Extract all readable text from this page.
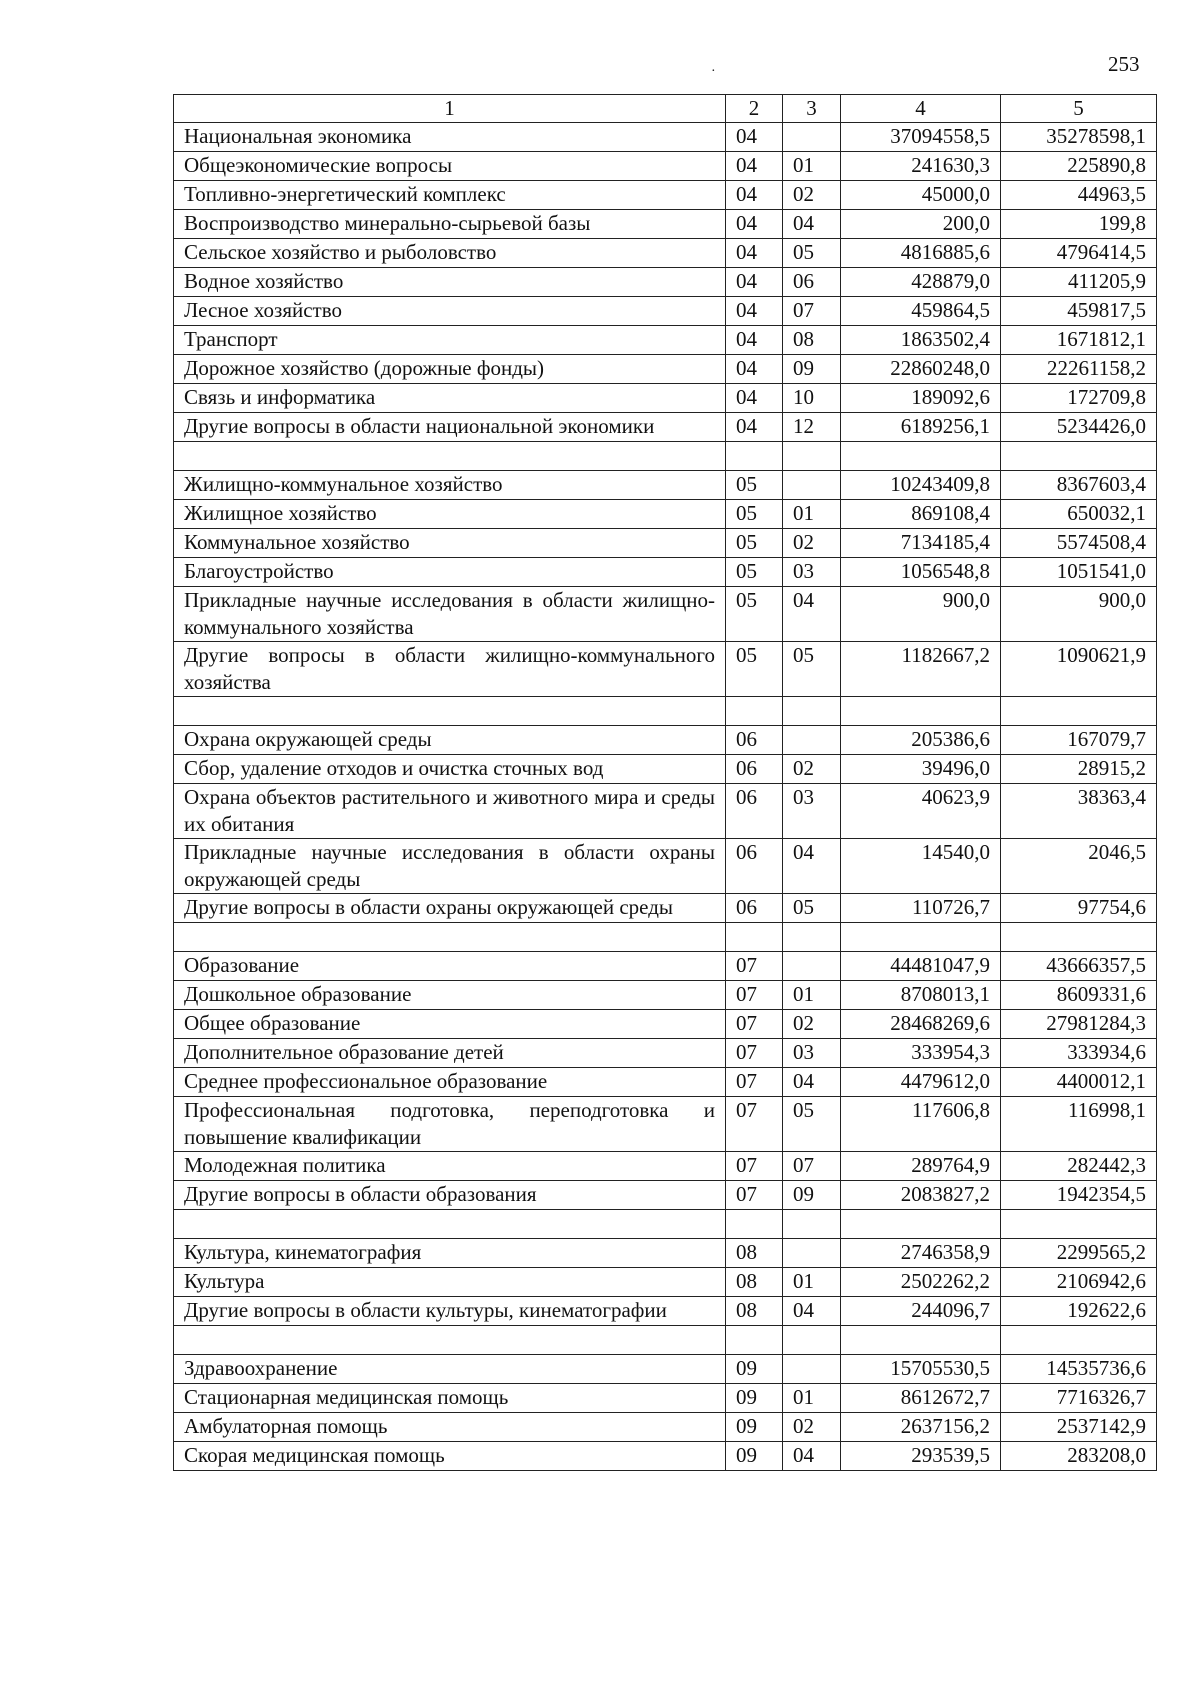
253
·
1	2	3	4	5
Национальная экономика	04		37094558,5	35278598,1
Общеэкономические вопросы	04	01	241630,3	225890,8
Топливно-энергетический комплекс	04	02	45000,0	44963,5
Воспроизводство минерально-сырьевой базы	04	04	200,0	199,8
Сельское хозяйство и рыболовство	04	05	4816885,6	4796414,5
Водное хозяйство	04	06	428879,0	411205,9
Лесное хозяйство	04	07	459864,5	459817,5
Транспорт	04	08	1863502,4	1671812,1
Дорожное хозяйство (дорожные фонды)	04	09	22860248,0	22261158,2
Связь и информатика	04	10	189092,6	172709,8
Другие вопросы в области национальной экономики	04	12	6189256,1	5234426,0

Жилищно-коммунальное хозяйство	05		10243409,8	8367603,4
Жилищное хозяйство	05	01	869108,4	650032,1
Коммунальное хозяйство	05	02	7134185,4	5574508,4
Благоустройство	05	03	1056548,8	1051541,0
Прикладные научные исследования в области жилищно-коммунального хозяйства	05	04	900,0	900,0
Другие вопросы в области жилищно-коммунального хозяйства	05	05	1182667,2	1090621,9

Охрана окружающей среды	06		205386,6	167079,7
Сбор, удаление отходов и очистка сточных вод	06	02	39496,0	28915,2
Охрана объектов растительного и животного мира и среды их обитания	06	03	40623,9	38363,4
Прикладные научные исследования в области охраны окружающей среды	06	04	14540,0	2046,5
Другие вопросы в области охраны окружающей среды	06	05	110726,7	97754,6

Образование	07		44481047,9	43666357,5
Дошкольное образование	07	01	8708013,1	8609331,6
Общее образование	07	02	28468269,6	27981284,3
Дополнительное образование детей	07	03	333954,3	333934,6
Среднее профессиональное образование	07	04	4479612,0	4400012,1
Профессиональная подготовка, переподготовка и повышение квалификации	07	05	117606,8	116998,1
Молодежная политика	07	07	289764,9	282442,3
Другие вопросы в области образования	07	09	2083827,2	1942354,5

Культура, кинематография	08		2746358,9	2299565,2
Культура	08	01	2502262,2	2106942,6
Другие вопросы в области культуры, кинематографии	08	04	244096,7	192622,6

Здравоохранение	09		15705530,5	14535736,6
Стационарная медицинская помощь	09	01	8612672,7	7716326,7
Амбулаторная помощь	09	02	2637156,2	2537142,9
Скорая медицинская помощь	09	04	293539,5	283208,0
